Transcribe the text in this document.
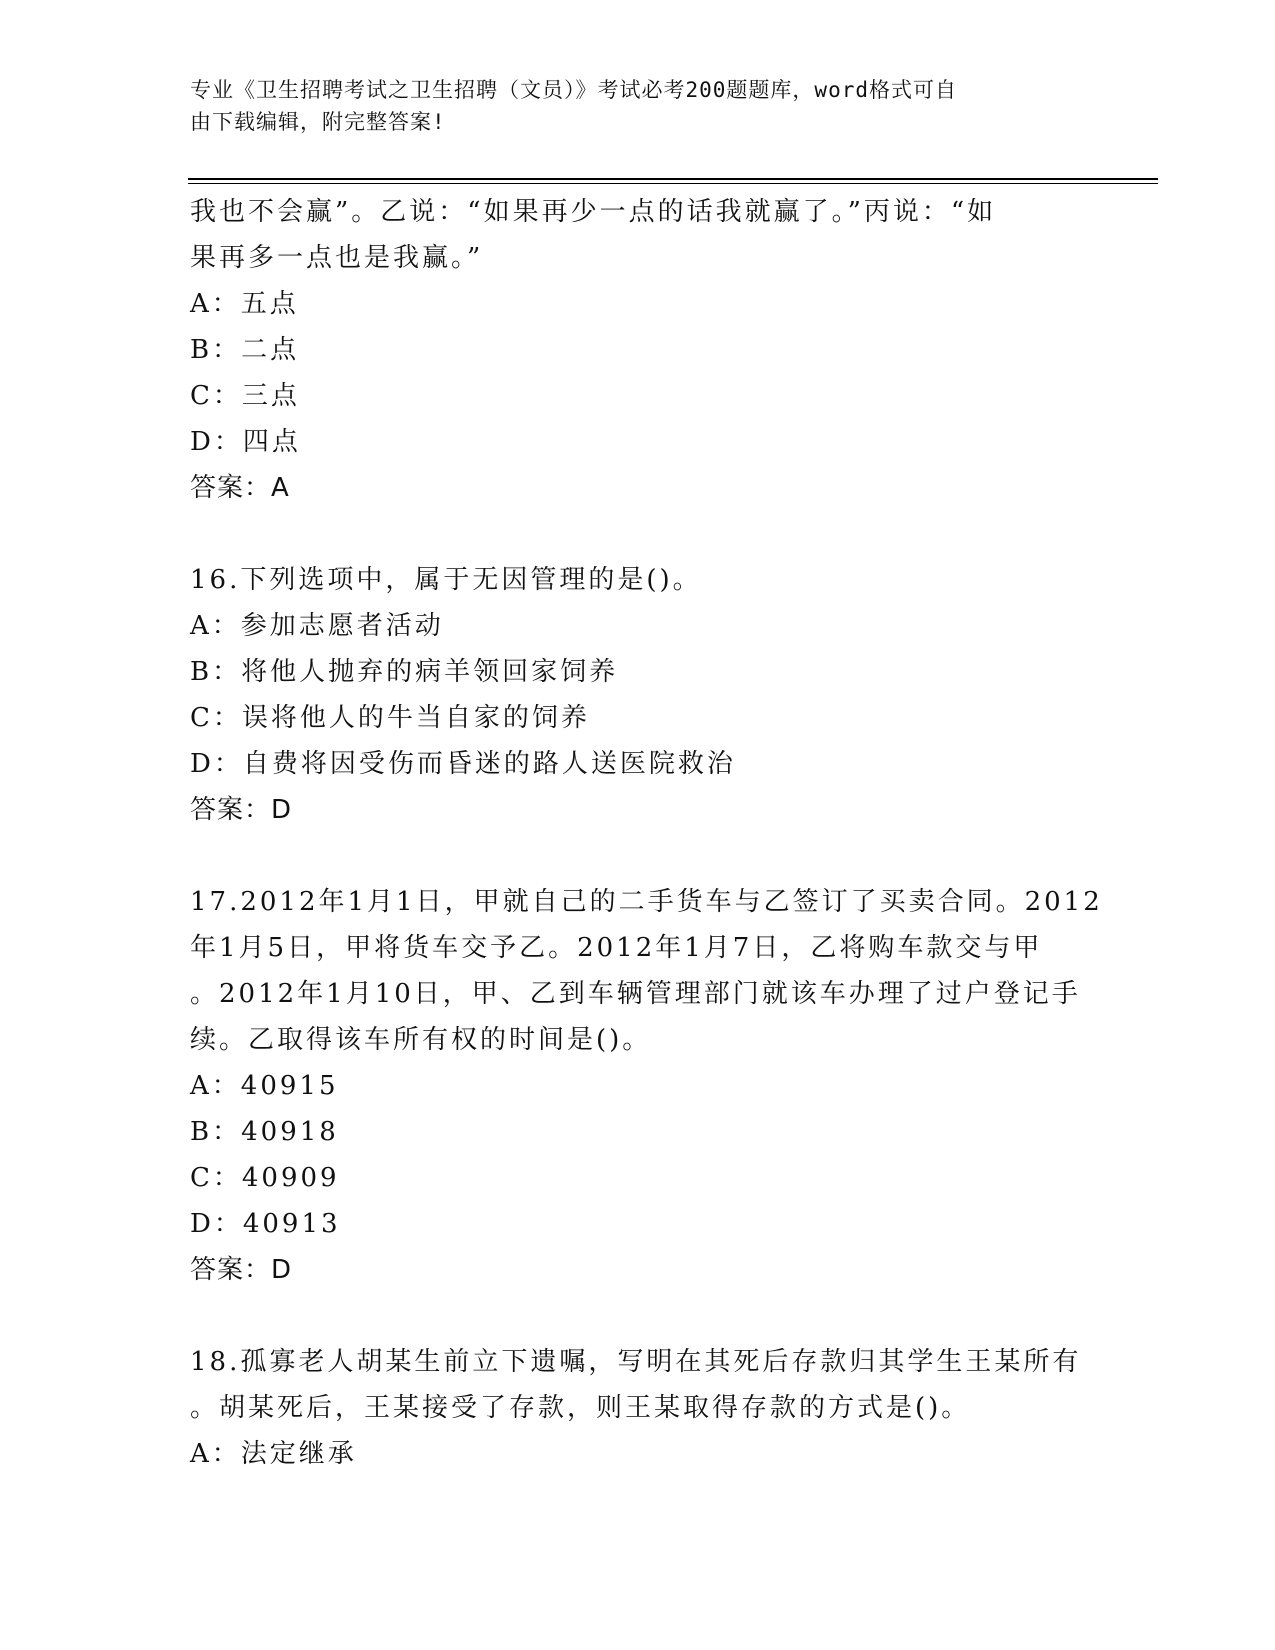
专业《卫生招聘考试之卫生招聘（文员）》考试必考200题题库，word格式可自
由下载编辑，附完整答案!
我也不会赢”。乙说：“如果再少一点的话我就赢了。”丙说：“如
果再多一点也是我赢。”
A：五点
B：二点
C：三点
D：四点
答案：A
16.下列选项中，属于无因管理的是()。
A：参加志愿者活动
B：将他人抛弃的病羊领回家饲养
C：误将他人的牛当自家的饲养
D：自费将因受伤而昏迷的路人送医院救治
答案：D
17.2012年1月1日，甲就自己的二手货车与乙签订了买卖合同。2012
年1月5日，甲将货车交予乙。2012年1月7日，乙将购车款交与甲
。2012年1月10日，甲、乙到车辆管理部门就该车办理了过户登记手
续。乙取得该车所有权的时间是()。
A：40915
B：40918
C：40909
D：40913
答案：D
18.孤寡老人胡某生前立下遗嘱，写明在其死后存款归其学生王某所有
。胡某死后，王某接受了存款，则王某取得存款的方式是()。
A：法定继承
